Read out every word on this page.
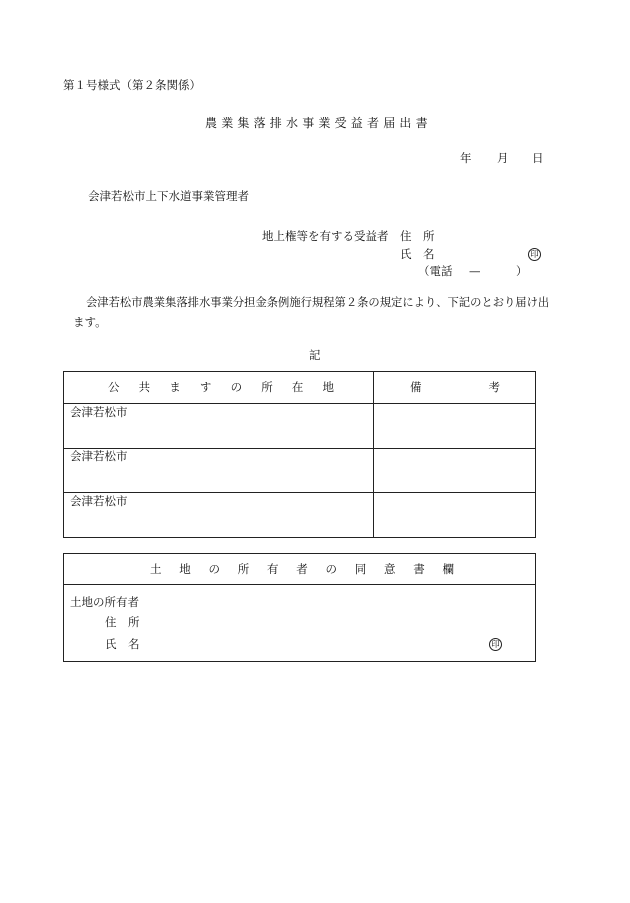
第１号様式（第２条関係）
農業集落排水事業受益者届出書
年 月 日
会津若松市上下水道事業管理者
地上権等を有する受益者 住　所
氏　名	印
（電話 —	）
会津若松市農業集落排水事業分担金条例施行規程第２条の規定により、下記のとおり届け出
ます。
記
公 共 ま す の 所 在 地	備	考
会津若松市
会津若松市
会津若松市
土 地 の 所 有 者 の 同 意 書 欄
土地の所有者
住　所
氏　名	印
